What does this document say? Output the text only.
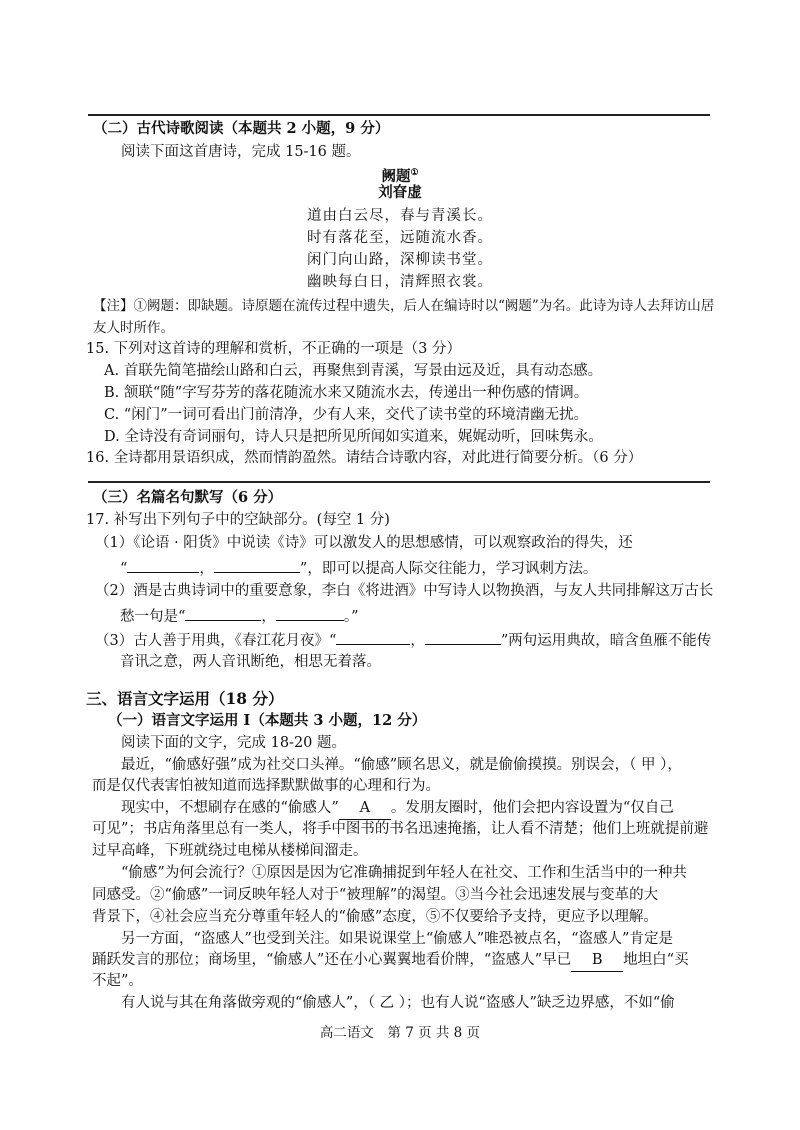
（二）古代诗歌阅读（本题共 2 小题，9 分）
阅读下面这首唐诗，完成 15-16 题。
阙题①
刘眘虚
道由白云尽，春与青溪长。
时有落花至，远随流水香。
闲门向山路，深柳读书堂。
幽映每白日，清辉照衣裳。
【注】①阙题：即缺题。诗原题在流传过程中遗失，后人在编诗时以“阙题”为名。此诗为诗人去拜访山居
友人时所作。
15. 下列对这首诗的理解和赏析，不正确的一项是（3 分）
A. 首联先简笔描绘山路和白云，再聚焦到青溪，写景由远及近，具有动态感。
B. 颔联“随”字写芬芳的落花随流水来又随流水去，传递出一种伤感的情调。
C. “闲门”一词可看出门前清净，少有人来，交代了读书堂的环境清幽无扰。
D. 全诗没有奇词丽句，诗人只是把所见所闻如实道来，娓娓动听，回味隽永。
16. 全诗都用景语织成，然而情韵盈然。请结合诗歌内容，对此进行简要分析。（6 分）
（三）名篇名句默写（6 分）
17. 补写出下列句子中的空缺部分。(每空 1 分)
（1）《论语 · 阳货》中说读《诗》可以激发人的思想感情，可以观察政治的得失，还
“	，	”，即可以提高人际交往能力，学习讽刺方法。
（2）酒是古典诗词中的重要意象，李白《将进酒》中写诗人以物换酒，与友人共同排解这万古长
愁一句是“	，	。”
（3）古人善于用典，《春江花月夜》“	，	”两句运用典故，暗含鱼雁不能传
音讯之意，两人音讯断绝，相思无着落。
三、语言文字运用（18 分）
（一）语言文字运用 Ⅰ（本题共 3 小题，12 分）
阅读下面的文字，完成 18-20 题。
最近，“偷感好强”成为社交口头禅。“偷感”顾名思义，就是偷偷摸摸。别误会，（ 甲 ），
而是仅代表害怕被知道而选择默默做事的心理和行为。
现实中，不想刷存在感的“偷感人” A 。发朋友圈时，他们会把内容设置为“仅自己
可见”；书店角落里总有一类人，将手中图书的书名迅速掩搐，让人看不清楚；他们上班就提前避
过早高峰，下班就绕过电梯从楼梯间溜走。
“偷感”为何会流行？①原因是因为它准确捕捉到年轻人在社交、工作和生活当中的一种共
同感受。②“偷感”一词反映年轻人对于“被理解”的渴望。③当今社会迅速发展与变革的大
背景下，④社会应当充分尊重年轻人的“偷感”态度，⑤不仅要给予支持，更应予以理解。
另一方面，“盗感人”也受到关注。如果说课堂上“偷感人”唯恐被点名，“盗感人”肯定是
踊跃发言的那位；商场里，“偷感人”还在小心翼翼地看价牌，“盗感人”早已 B 地坦白“买
不起”。
有人说与其在角落做旁观的“偷感人”，（ 乙 ）；也有人说“盗感人”缺乏边界感，不如“偷
高二语文　第 7 页 共 8 页
